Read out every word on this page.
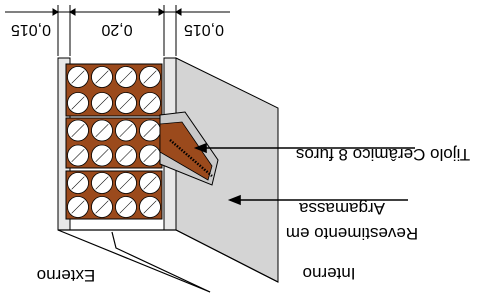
0,015	0,20	0,015
Tijolo Cerâmico 8 furos
Revestimento em
Argamassa
Externo	Interno
